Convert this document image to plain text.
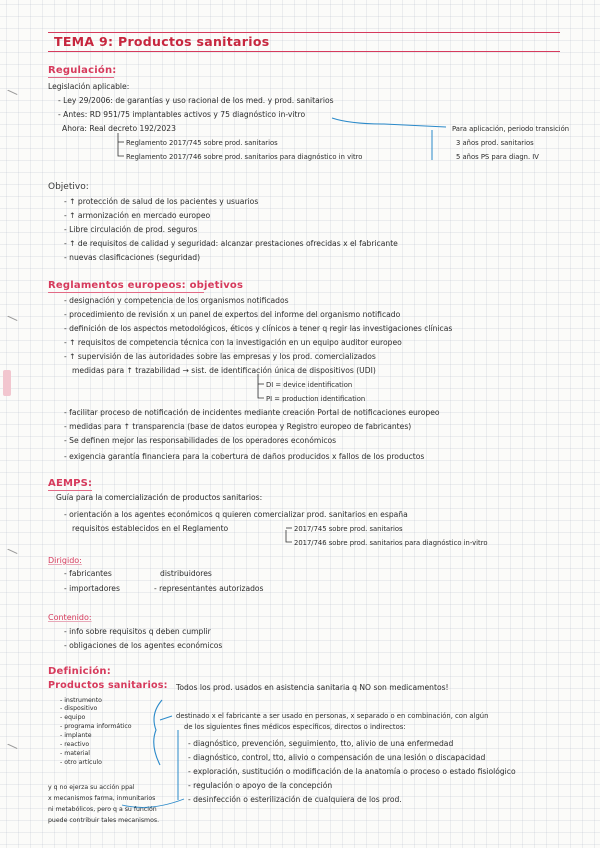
TEMA 9: Productos sanitarios
Regulación:
Legislación aplicable:
- Ley 29/2006: de garantías y uso racional de los med. y prod. sanitarios
- Antes: RD 951/75 implantables activos y 75 diagnóstico in-vitro
Ahora: Real decreto 192/2023
Reglamento 2017/745 sobre prod. sanitarios
Reglamento 2017/746 sobre prod. sanitarios para diagnóstico in vitro
Para aplicación, periodo transición
3 años prod. sanitarios
5 años PS para diagn. IV
Objetivo:
- ↑ protección de salud de los pacientes y usuarios
- ↑ armonización en mercado europeo
- Libre circulación de prod. seguros
- ↑ de requisitos de calidad y seguridad: alcanzar prestaciones ofrecidas x el fabricante
- nuevas clasificaciones (seguridad)
Reglamentos europeos: objetivos
- designación y competencia de los organismos notificados
- procedimiento de revisión x un panel de expertos del informe del organismo notificado
- definición de los aspectos metodológicos, éticos y clínicos a tener q regir las investigaciones clínicas
- ↑ requisitos de competencia técnica con la investigación en un equipo auditor europeo
- ↑ supervisión de las autoridades sobre las empresas y los prod. comercializados
medidas para ↑ trazabilidad → sist. de identificación única de dispositivos (UDI)
DI = device identification
PI = production identification
- facilitar proceso de notificación de incidentes mediante creación Portal de notificaciones europeo
- medidas para ↑ transparencia (base de datos europea y Registro europeo de fabricantes)
- Se definen mejor las responsabilidades de los operadores económicos
- exigencia garantía financiera para la cobertura de daños producidos x fallos de los productos
AEMPS:
Guía para la comercialización de productos sanitarios:
- orientación a los agentes económicos q quieren comercializar prod. sanitarios en españa
requisitos establecidos en el Reglamento	2017/745 sobre prod. sanitarios
2017/746 sobre prod. sanitarios para diagnóstico in-vitro
Dirigido:
- fabricantes	distribuidores
- importadores	- representantes autorizados
Contenido:
- info sobre requisitos q deben cumplir
- obligaciones de los agentes económicos
Definición:
Productos sanitarios: Todos los prod. usados en asistencia sanitaria q NO son medicamentos!
- instrumento
- dispositivo
- equipo
- programa informático
- implante
- reactivo
- material
- otro artículo
destinado x el fabricante a ser usado en personas, x separado o en combinación, con algún
de los siguientes fines médicos específicos, directos o indirectos:
- diagnóstico, prevención, seguimiento, tto, alivio de una enfermedad
- diagnóstico, control, tto, alivio o compensación de una lesión o discapacidad
- exploración, sustitución o modificación de la anatomía o proceso o estado fisiológico
- regulación o apoyo de la concepción
- desinfección o esterilización de cualquiera de los prod.
y q no ejerza su acción ppal
x mecanismos farma, inmunitarios
ni metabólicos, pero q a su función
puede contribuir tales mecanismos.
